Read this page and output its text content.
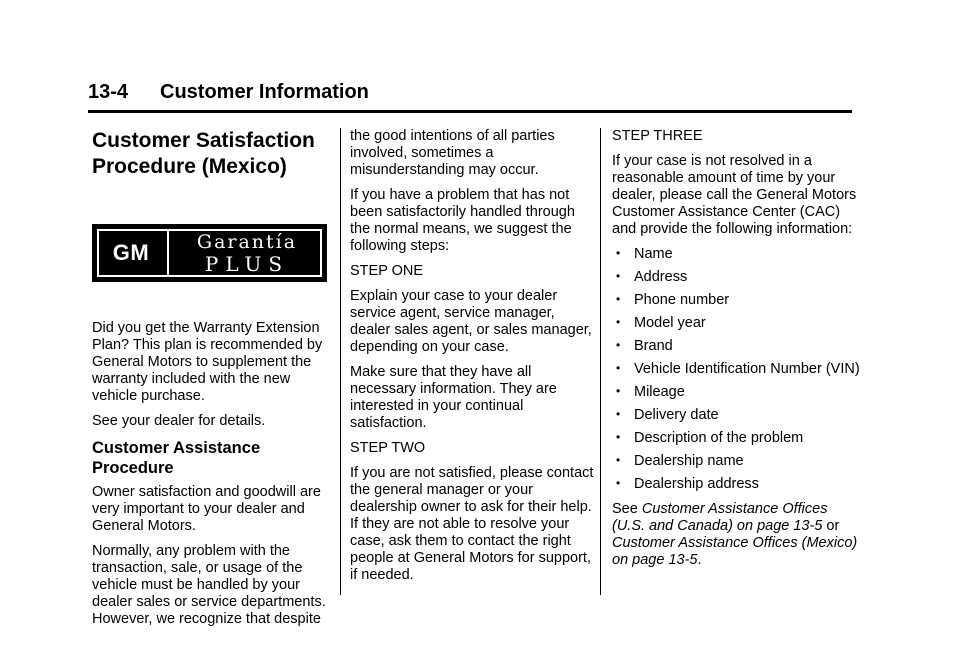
13-4 Customer Information
Customer Satisfaction Procedure (Mexico)
GM	Garantía
PLUS

Did you get the Warranty Extension Plan? This plan is recommended by General Motors to supplement the warranty included with the new vehicle purchase.

See your dealer for details.

Customer Assistance Procedure

Owner satisfaction and goodwill are very important to your dealer and General Motors.

Normally, any problem with the transaction, sale, or usage of the vehicle must be handled by your dealer sales or service departments. However, we recognize that despite

the good intentions of all parties involved, sometimes a misunderstanding may occur.

If you have a problem that has not been satisfactorily handled through the normal means, we suggest the following steps:

STEP ONE

Explain your case to your dealer service agent, service manager, dealer sales agent, or sales manager, depending on your case.

Make sure that they have all necessary information. They are interested in your continual satisfaction.

STEP TWO

If you are not satisfied, please contact the general manager or your dealership owner to ask for their help. If they are not able to resolve your case, ask them to contact the right people at General Motors for support, if needed.

STEP THREE

If your case is not resolved in a reasonable amount of time by your dealer, please call the General Motors Customer Assistance Center (CAC) and provide the following information:

• Name
• Address
• Phone number
• Model year
• Brand
• Vehicle Identification Number (VIN)
• Mileage
• Delivery date
• Description of the problem
• Dealership name
• Dealership address

See Customer Assistance Offices (U.S. and Canada) on page 13-5 or Customer Assistance Offices (Mexico) on page 13-5.
